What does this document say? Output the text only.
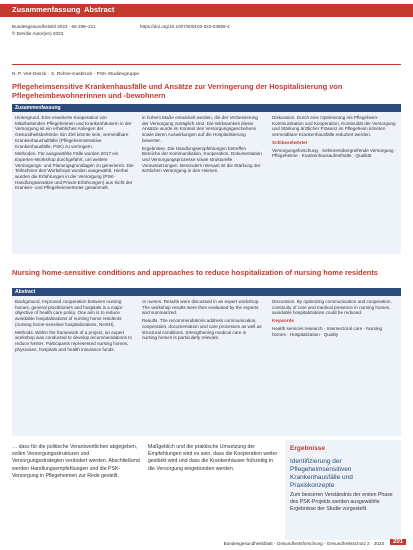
Zusammenfassung Abstract
Bundesgesundheitsbl 2023 · 66:199–211	https://doi.org/10.1007/s00103-022-03659-4
© Der/die Autor(en) 2023
N. P. Veit-Dierck · S. Rohne-Kasbrock · PSK-Studiengruppe
Pflegeheimsensitive Krankenhausfälle und Ansätze zur Verringerung der Hospitalisierung von Pflegeheimbewohnerinnen und -bewohnern
Zusammenfassung

Hintergrund. Eine erweiterte Kooperation von Mitarbeitenden Pflegeheimen und Krankenhäusern in der Versorgung ist ein erhebliches Anliegen der Gesundheitsbehörde. Ein Ziel könnte sein, vermeidbare Krankenhaushaltfälle (Pflegeheimsensitive Krankenhausfälle, PSK) zu verringern.

Methoden. Für ausgewählte Fälle wurden 2017 ein Experten-Workshop durchgeführt, um weitere Versorgungs- und Planungsgrundlagen zu generieren. Die Teilnehmer des Workshops wurden ausgewählt. Hierbei wurden die Erfahrungen in der Versorgung (PSK-Handlungsansätze und Praxis-Erfahrungen) aus Sicht der Kranken- und Pflegeheimvertreter gesammelt.

in hohem Maße entwickelt werden, die der Verbesserung der Versorgung zuträglich sind. Die Wirksamkeit dieser Ansätze wurde im Kontext des Versorgungsgeschehens sowie deren Auswirkungen auf die Hospitalisierung bewertet.

Ergebnisse. Die Handlungsempfehlungen betreffen Bereiche der Kommunikation, Kooperation, Dokumentation und Versorgungsprozesse sowie strukturelle Voraussetzungen. Besonders relevant ist die Stärkung der ärztlichen Versorgung in den Heimen.

Diskussion. Durch eine Optimierung mit Pflegeheim-Kommunikation und Kooperation, Kontinuität der Versorgung und Stärkung ärztlicher Präsenz im Pflegeheim könnten vermeidbare Krankenhausfälle reduziert werden.

Schlüsselwörter

Versorgungsforschung · Sektorenübergreifende Versorgung · Pflegeheime · Krankenhausaufenthalte · Qualität

Nursing home-sensitive conditions and approaches to reduce hospitalization of nursing home residents
Abstract

Background. Improved cooperation between nursing homes, general practitioners and hospitals is a major objective of health care policy. One aim is to reduce avoidable hospitalizations of nursing home residents (nursing home-sensitive hospitalizations, NHSH).

Methods. Within the framework of a project, an expert workshop was conducted to develop recommendations to reduce NHSH. Participants represented nursing homes, physicians, hospitals and health insurance funds.

or nurses. Results were discussed in an expert workshop. The workshop results were then evaluated by the experts and summarized.

Results. The recommendations address communication, cooperation, documentation and care processes as well as structural conditions. Strengthening medical care in nursing homes is particularly relevant.

Discussion. By optimizing communication and cooperation, continuity of care and medical presence in nursing homes, avoidable hospitalizations could be reduced.

Keywords

Health services research · Intersectoral care · Nursing homes · Hospitalization · Quality

… dass für die politische Verantwortlichen abgegeben, sollen Versorgungsstrukturen und Versorgungsstrategien verändert werden. Abschließend werden Handlungsempfehlungen und die PSK-Versorgung in Pflegeheimen zur Rede gestellt.
Maßgeblich und die praktische Umsetzung der Empfehlungen wird es sein, dass die Kooperation weiter gestärkt wird und dass die Krankenhäuser frühzeitig in die Versorgung eingebunden werden.
Ergebnisse
Identifizierung der Pflegeheimsensitiven Krankenhausfälle und Praxiskonzepte
Zum besseren Verständnis der ersten Phase des PSK-Projekts werden ausgewählte Ergebnisse der Studie vorgestellt.
Bundesgesundheitsblatt - Gesundheitsforschung - Gesundheitsschutz 2 · 2023	201
